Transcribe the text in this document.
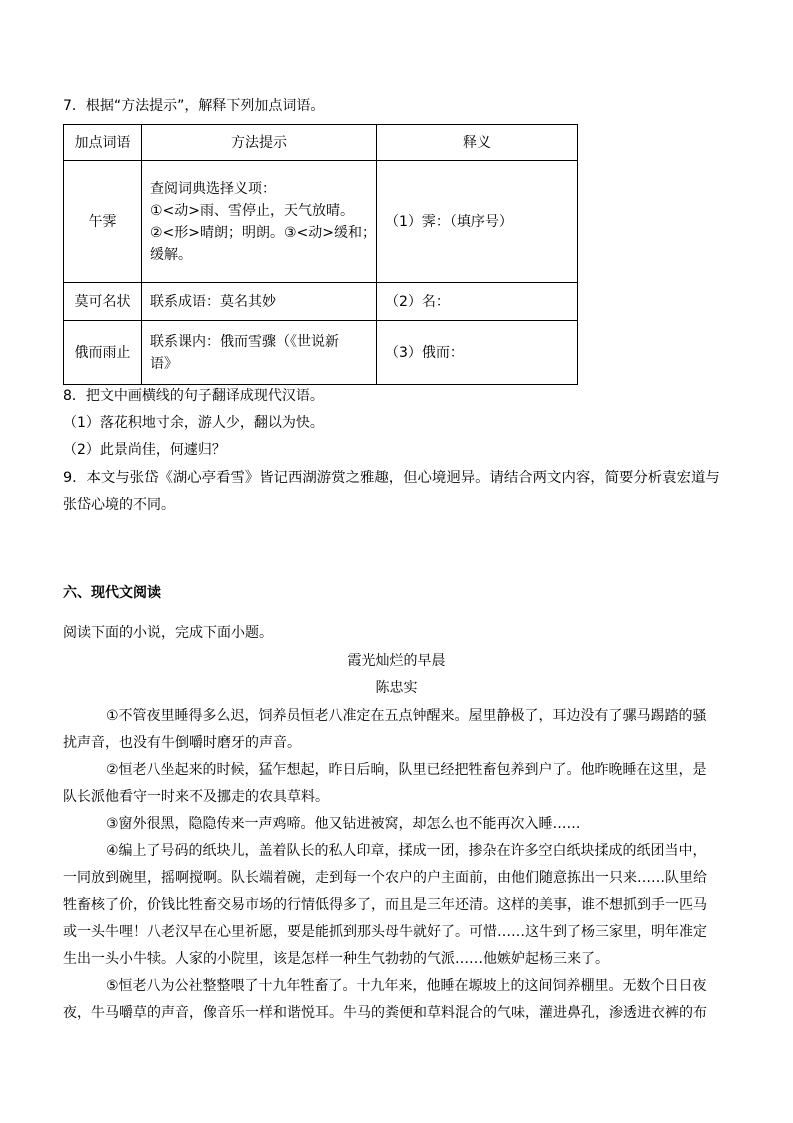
7．根据“方法提示”，解释下列加点词语。
加点词语	方法提示	释义
午霁	查阅词典选择义项：
①<动>雨、雪停止，天气放晴。
②<形>晴朗；明朗。③<动>缓和；
缓解。	（1）霁：（填序号）
莫可名状	联系成语：莫名其妙	（2）名：
俄而雨止	联系课内：俄而雪骤（《世说新
语》	（3）俄而：
8．把文中画横线的句子翻译成现代汉语。
（1）落花积地寸余，游人少，翻以为快。
（2）此景尚佳，何遽归？
9．本文与张岱《湖心亭看雪》皆记西湖游赏之雅趣，但心境迥异。请结合两文内容，简要分析袁宏道与
张岱心境的不同。
六、现代文阅读
阅读下面的小说，完成下面小题。
霞光灿烂的早晨
陈忠实
①不管夜里睡得多么迟，饲养员恒老八准定在五点钟醒来。屋里静极了，耳边没有了骡马踢踏的骚
扰声音，也没有牛倒嚼时磨牙的声音。
②恒老八坐起来的时候，猛乍想起，昨日后晌，队里已经把牲畜包养到户了。他昨晚睡在这里，是
队长派他看守一时来不及挪走的农具草料。
③窗外很黑，隐隐传来一声鸡啼。他又钻进被窝，却怎么也不能再次入睡……
④编上了号码的纸块儿，盖着队长的私人印章，揉成一团，掺杂在许多空白纸块揉成的纸团当中，
一同放到碗里，摇啊搅啊。队长端着碗，走到每一个农户的户主面前，由他们随意拣出一只来……队里给
牲畜核了价，价钱比牲畜交易市场的行情低得多了，而且是三年还清。这样的美事，谁不想抓到手一匹马
或一头牛哩！八老汉早在心里祈愿，要是能抓到那头母牛就好了。可惜……这牛到了杨三家里，明年准定
生出一头小牛犊。人家的小院里，该是怎样一种生气勃勃的气派……他嫉妒起杨三来了。
⑤恒老八为公社整整喂了十九年牲畜了。十九年来，他睡在塬坡上的这间饲养棚里。无数个日日夜
夜，牛马嚼草的声音，像音乐一样和谐悦耳。牛马的粪便和草料混合的气味，灌进鼻孔，渗透进衣裤的布
